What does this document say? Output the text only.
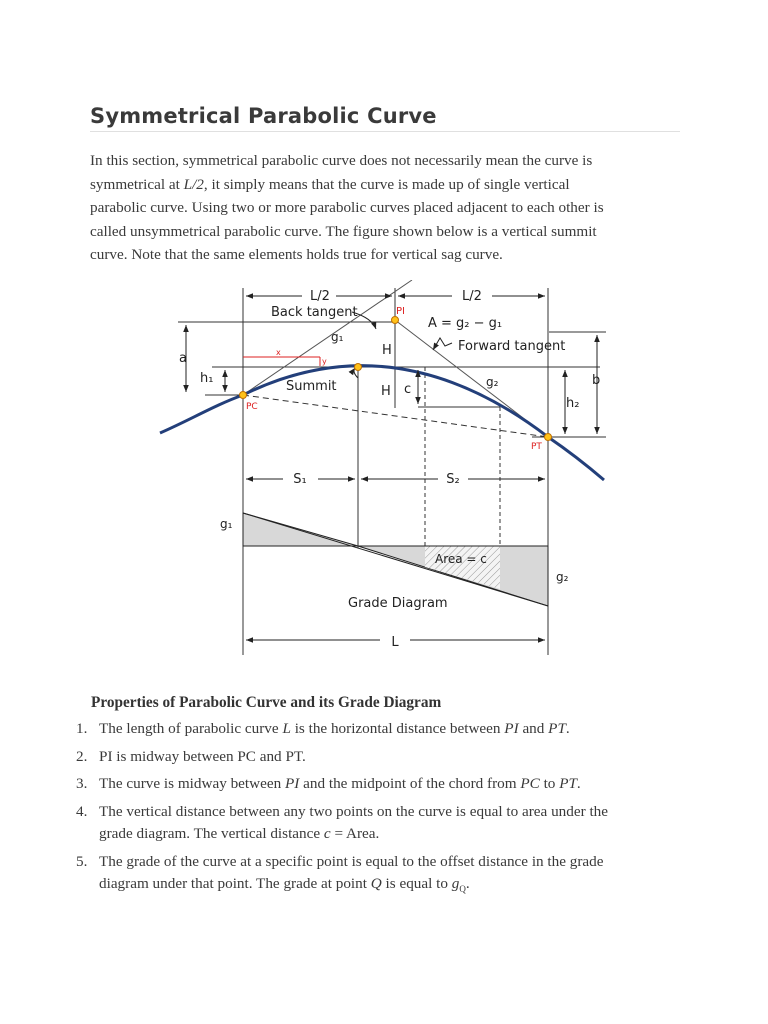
Symmetrical Parabolic Curve

In this section, symmetrical parabolic curve does not necessarily mean the curve is
symmetrical at L/2, it simply means that the curve is made up of single vertical
parabolic curve. Using two or more parabolic curves placed adjacent to each other is
called unsymmetrical parabolic curve. The figure shown below is a vertical summit
curve. Note that the same elements holds true for vertical sag curve.

L/2	L/2
Back tangent	PI
A = g₂ − g₁
Forward tangent
g₁
a
h₁
x
y
H
Summit	g₂	b
H c
h₂
PC
PT
S₁	S₂
g₁
Area = c
g₂
Grade Diagram
L
Properties of Parabolic Curve and its Grade Diagram
1. The length of parabolic curve L is the horizontal distance between PI and PT.
2. PI is midway between PC and PT.
3. The curve is midway between PI and the midpoint of the chord from PC to PT.
4. The vertical distance between any two points on the curve is equal to area under the
grade diagram. The vertical distance c = Area.
5. The grade of the curve at a specific point is equal to the offset distance in the grade
diagram under that point. The grade at point Q is equal to $g_Q$.
